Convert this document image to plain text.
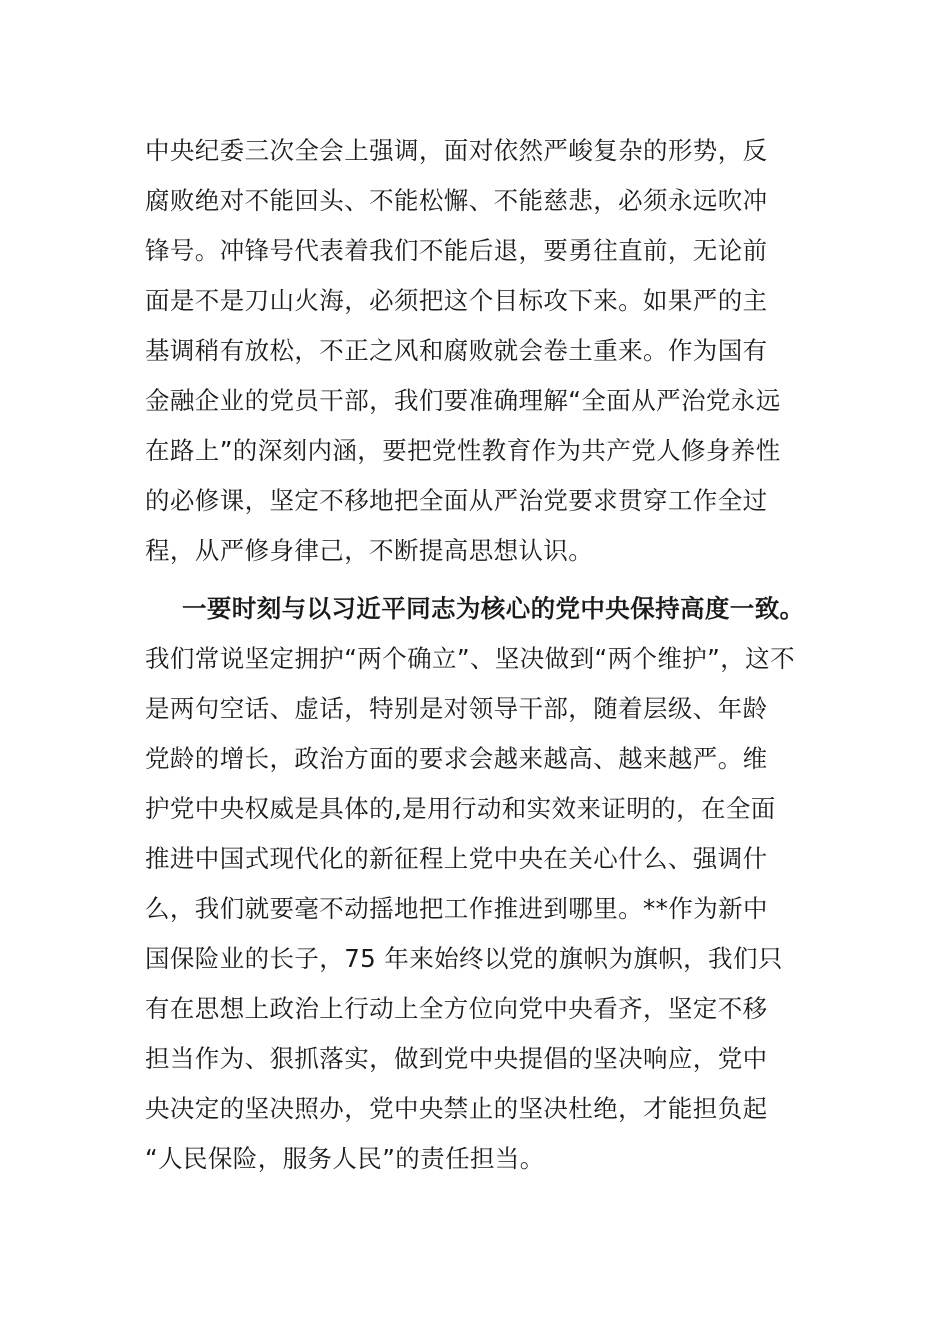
中央纪委三次全会上强调，面对依然严峻复杂的形势，反
腐败绝对不能回头、不能松懈、不能慈悲，必须永远吹冲
锋号。冲锋号代表着我们不能后退，要勇往直前，无论前
面是不是刀山火海，必须把这个目标攻下来。如果严的主
基调稍有放松，不正之风和腐败就会卷土重来。作为国有
金融企业的党员干部，我们要准确理解“全面从严治党永远
在路上”的深刻内涵，要把党性教育作为共产党人修身养性
的必修课，坚定不移地把全面从严治党要求贯穿工作全过
程，从严修身律己，不断提高思想认识。
一要时刻与以习近平同志为核心的党中央保持高度一致。
我们常说坚定拥护“两个确立”、坚决做到“两个维护”，这不
是两句空话、虚话，特别是对领导干部，随着层级、年龄
党龄的增长，政治方面的要求会越来越高、越来越严。维
护党中央权威是具体的,是用行动和实效来证明的，在全面
推进中国式现代化的新征程上党中央在关心什么、强调什
么，我们就要毫不动摇地把工作推进到哪里。**作为新中
国保险业的长子，75 年来始终以党的旗帜为旗帜，我们只
有在思想上政治上行动上全方位向党中央看齐，坚定不移
担当作为、狠抓落实，做到党中央提倡的坚决响应，党中
央决定的坚决照办，党中央禁止的坚决杜绝，才能担负起
“人民保险，服务人民”的责任担当。
